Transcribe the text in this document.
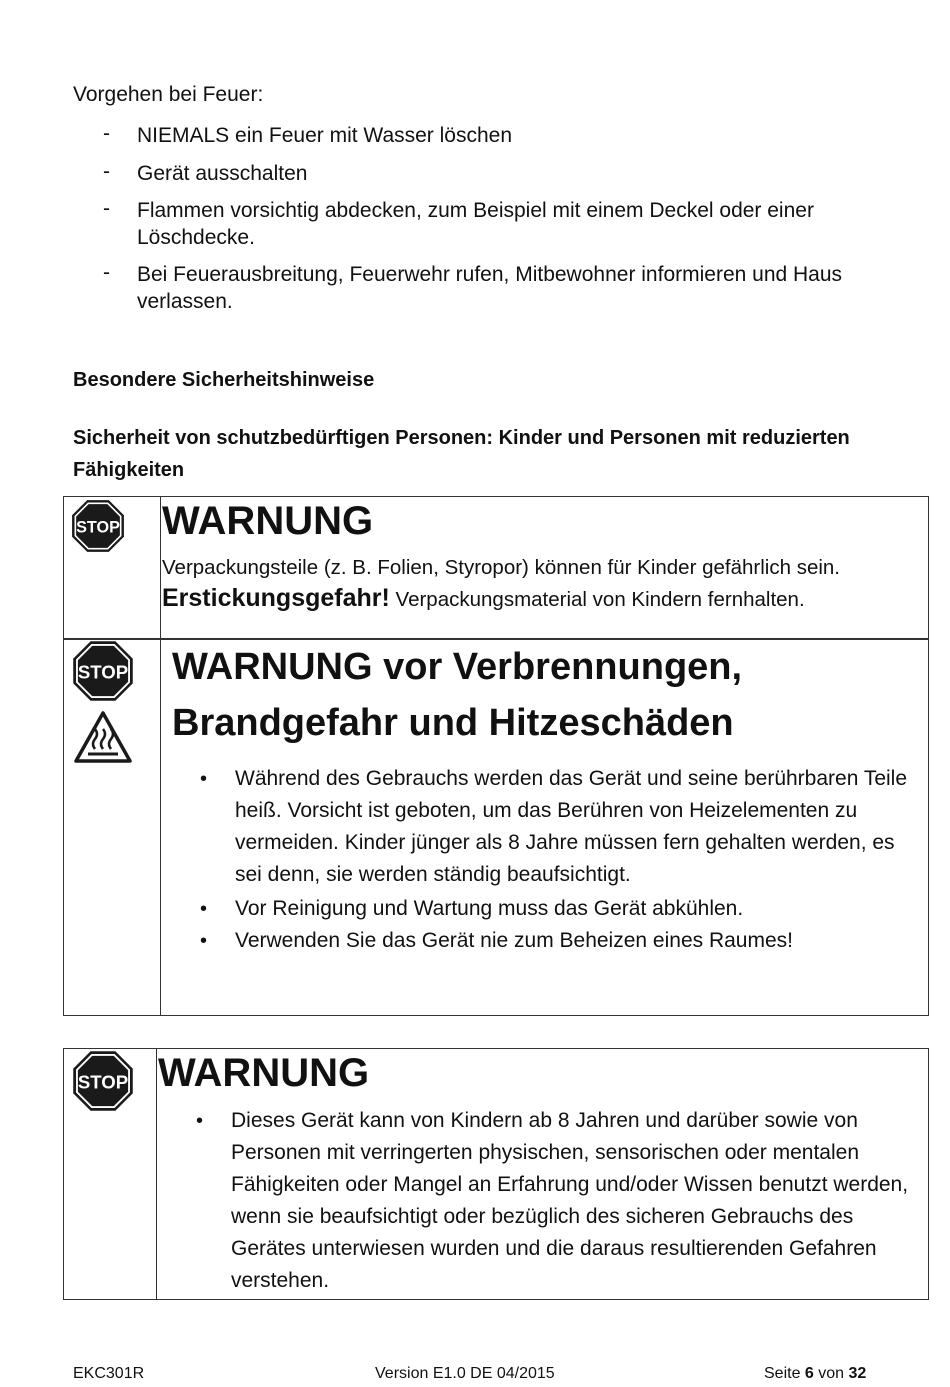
Vorgehen bei Feuer:
- NIEMALS ein Feuer mit Wasser löschen
- Gerät ausschalten
- Flammen vorsichtig abdecken, zum Beispiel mit einem Deckel oder einer Löschdecke.
- Bei Feuerausbreitung, Feuerwehr rufen, Mitbewohner informieren und Haus verlassen.
Besondere Sicherheitshinweise
Sicherheit von schutzbedürftigen Personen: Kinder und Personen mit reduzierten Fähigkeiten
STOP WARNUNG
Verpackungsteile (z. B. Folien, Styropor) können für Kinder gefährlich sein. Erstickungsgefahr! Verpackungsmaterial von Kindern fernhalten.
STOP WARNUNG vor Verbrennungen,
Brandgefahr und Hitzeschäden
• Während des Gebrauchs werden das Gerät und seine berührbaren Teile heiß. Vorsicht ist geboten, um das Berühren von Heizelementen zu vermeiden. Kinder jünger als 8 Jahre müssen fern gehalten werden, es sei denn, sie werden ständig beaufsichtigt.
• Vor Reinigung und Wartung muss das Gerät abkühlen.
• Verwenden Sie das Gerät nie zum Beheizen eines Raumes!
STOP WARNUNG
• Dieses Gerät kann von Kindern ab 8 Jahren und darüber sowie von Personen mit verringerten physischen, sensorischen oder mentalen Fähigkeiten oder Mangel an Erfahrung und/oder Wissen benutzt werden, wenn sie beaufsichtigt oder bezüglich des sicheren Gebrauchs des Gerätes unterwiesen wurden und die daraus resultierenden Gefahren verstehen.
EKC301R	Version E1.0 DE 04/2015	Seite 6 von 32
